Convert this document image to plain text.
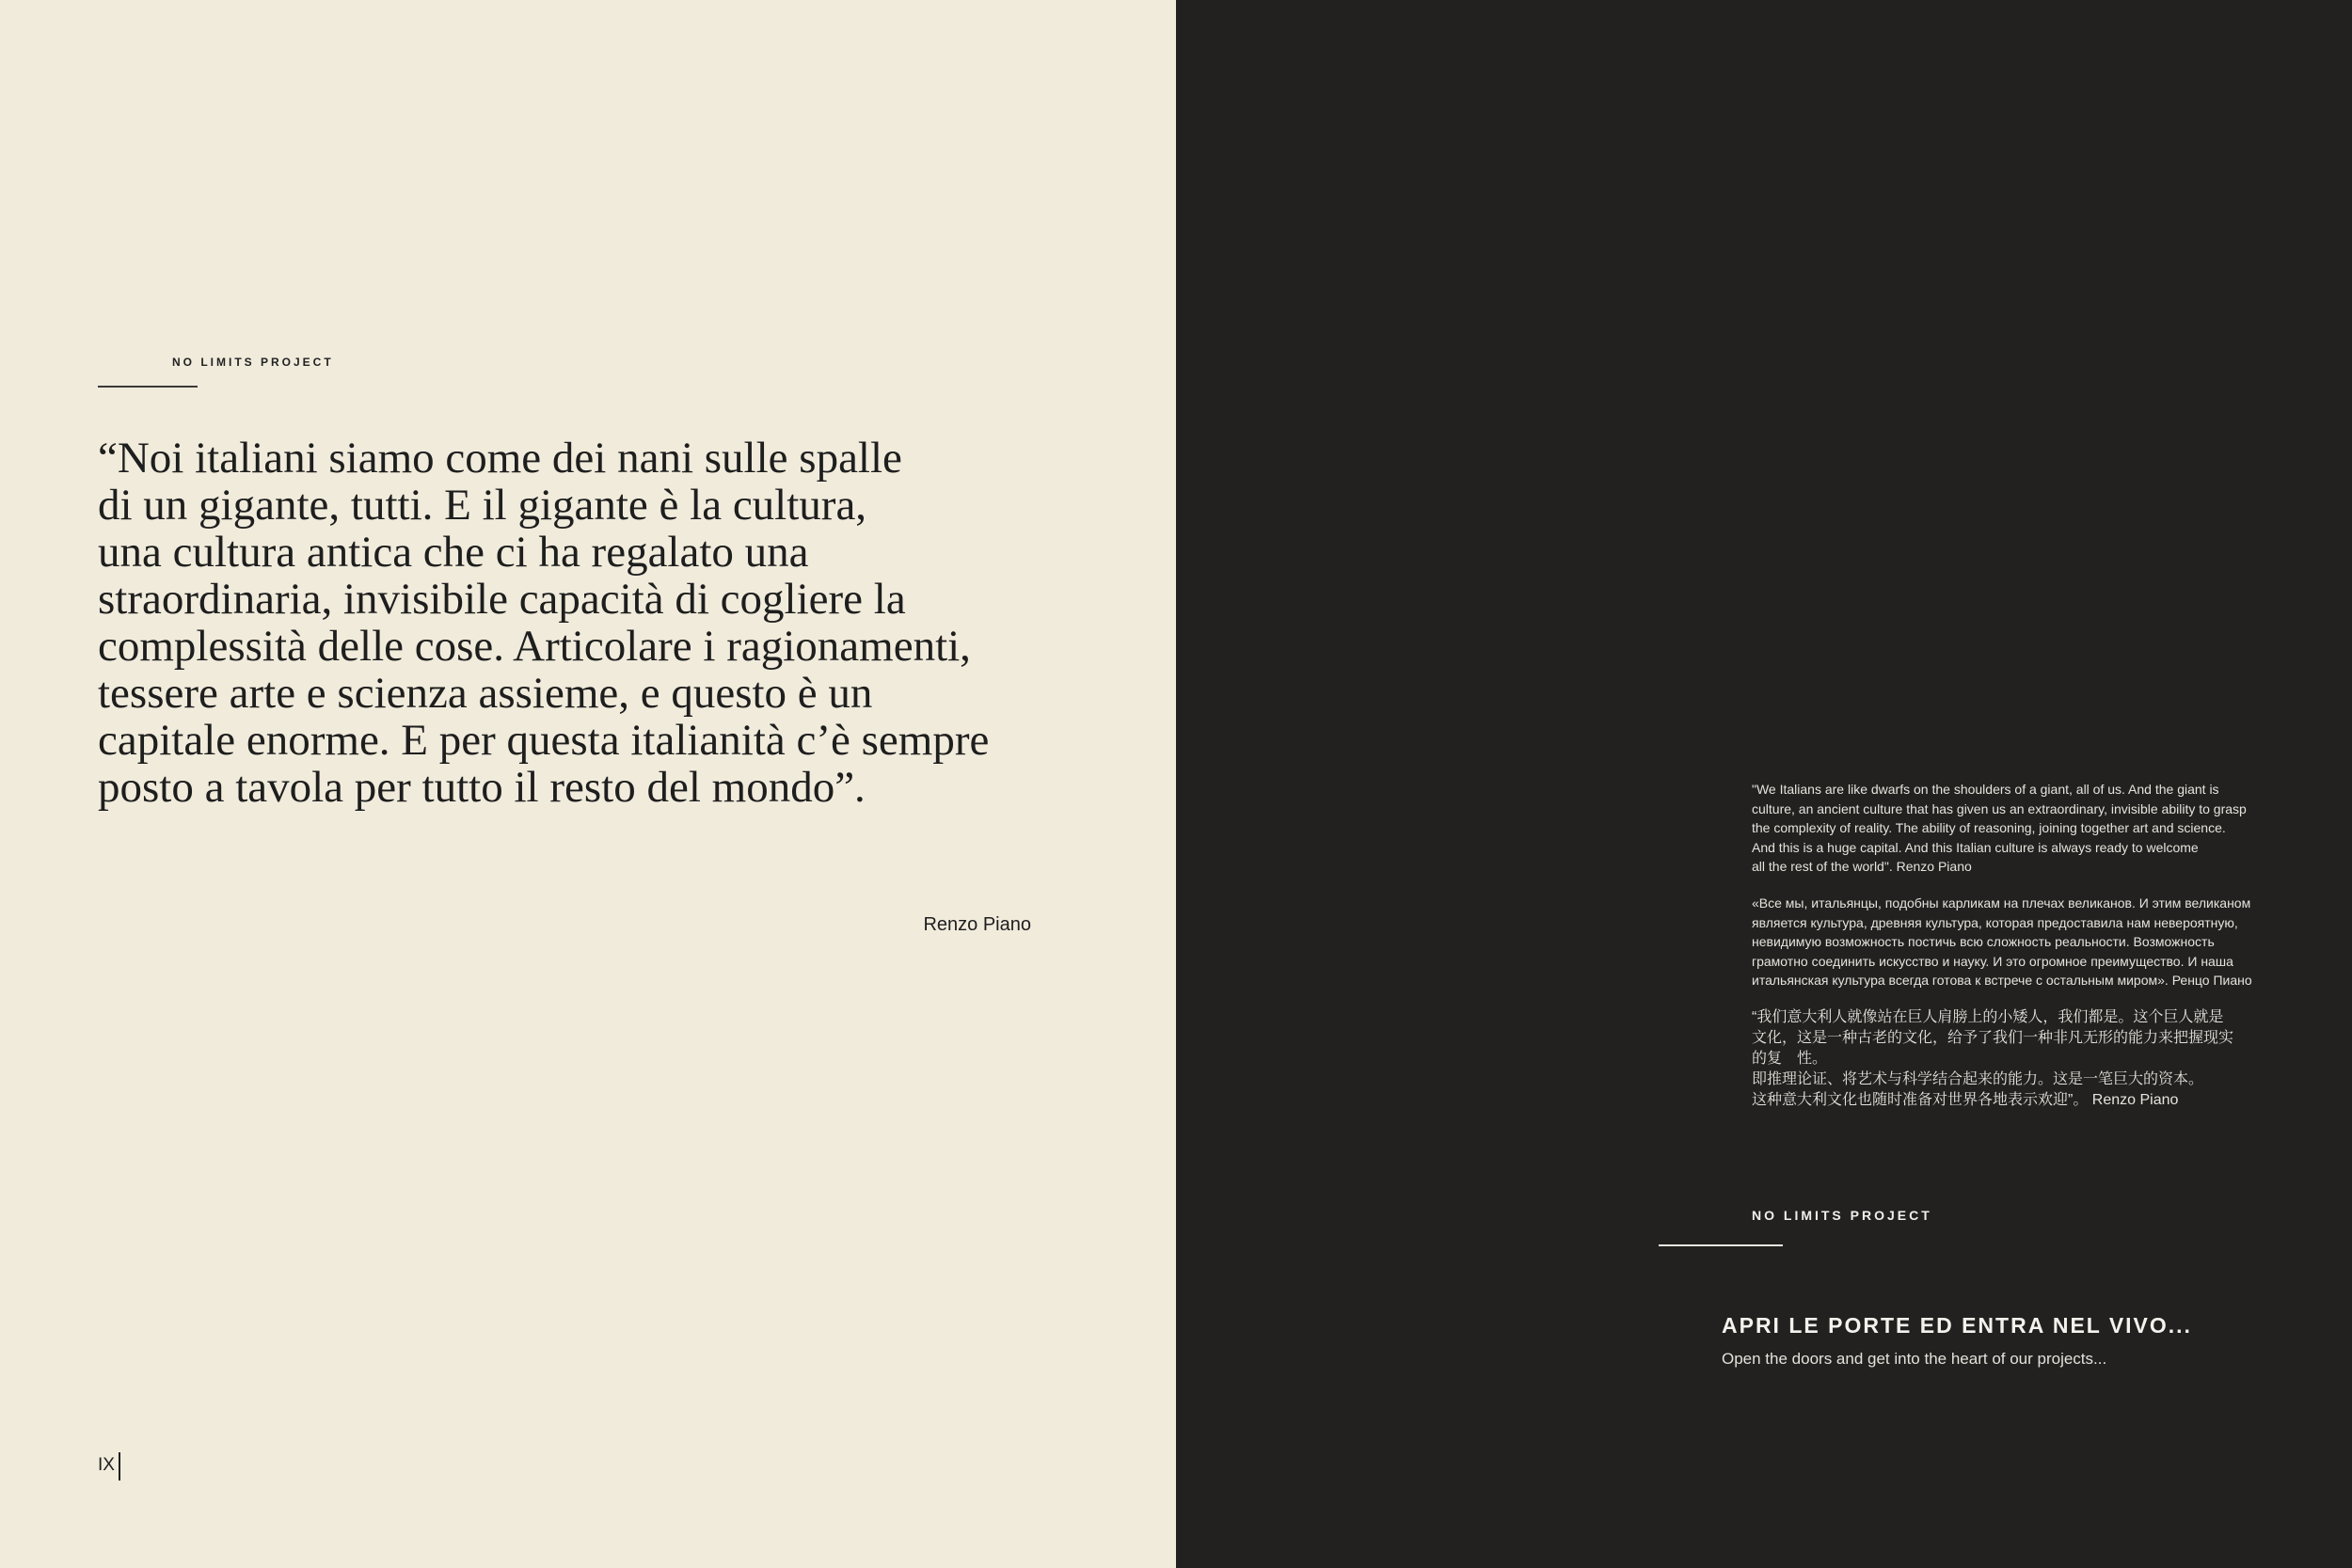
NO LIMITS PROJECT

“Noi italiani siamo come dei nani sulle spalle
di un gigante, tutti. E il gigante è la cultura,
una cultura antica che ci ha regalato una
straordinaria, invisibile capacità di cogliere la
complessità delle cose. Articolare i ragionamenti,
tessere arte e scienza assieme, e questo è un
capitale enorme. E per questa italianità c’è sempre
posto a tavola per tutto il resto del mondo”.

Renzo Piano
IX

"We Italians are like dwarfs on the shoulders of a giant, all of us. And the giant is
culture, an ancient culture that has given us an extraordinary, invisible ability to grasp
the complexity of reality. The ability of reasoning, joining together art and science.
And this is a huge capital. And this Italian culture is always ready to welcome
all the rest of the world". Renzo Piano

«Все мы, итальянцы, подобны карликам на плечах великанов. И этим великаном
является культура, древняя культура, которая предоставила нам невероятную,
невидимую возможность постичь всю сложность реальности. Возможность
грамотно соединить искусство и науку. И это огромное преимущество. И наша
итальянская культура всегда готова к встрече с остальным миром». Ренцо Пиано

“我们意大利人就像站在巨人肩膀上的小矮人，我们都是。这个巨人就是
文化，这是一种古老的文化，给予了我们一种非凡无形的能力来把握现实
的复　性。
即推理论证、将艺术与科学结合起来的能力。这是一笔巨大的资本。
这种意大利文化也随时准备对世界各地表示欢迎”。 Renzo Piano

NO LIMITS PROJECT
APRI LE PORTE ED ENTRA NEL VIVO...
Open the doors and get into the heart of our projects...
